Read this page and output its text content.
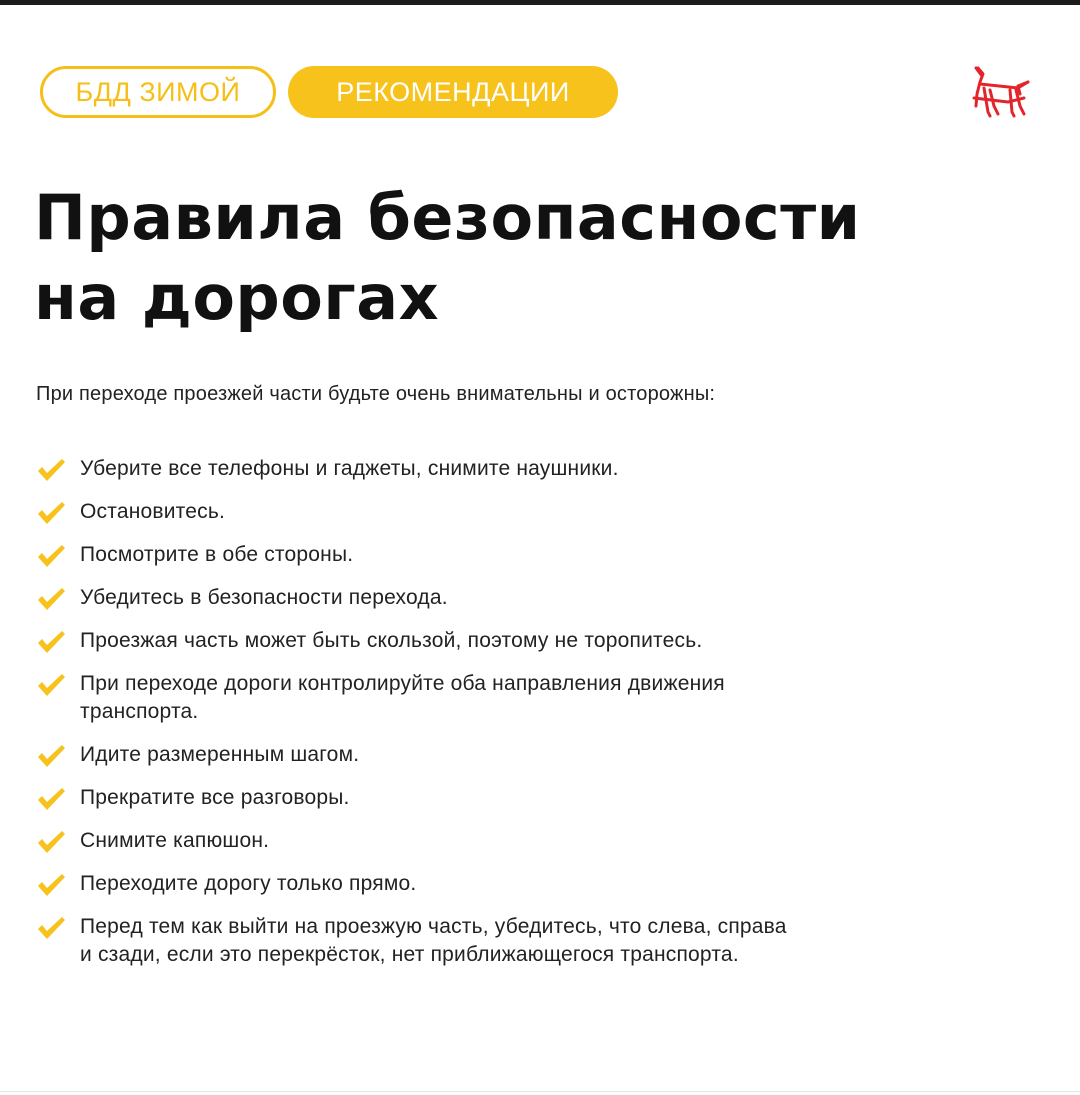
БДД ЗИМОЙ	РЕКОМЕНДАЦИИ
Правила безопасности
на дорогах
При переходе проезжей части будьте очень внимательны и осторожны:
Уберите все телефоны и гаджеты, снимите наушники.
Остановитесь.
Посмотрите в обе стороны.
Убедитесь в безопасности перехода.
Проезжая часть может быть скользой, поэтому не торопитесь.
При переходе дороги контролируйте оба направления движения
транспорта.
Идите размеренным шагом.
Прекратите все разговоры.
Снимите капюшон.
Переходите дорогу только прямо.
Перед тем как выйти на проезжую часть, убедитесь, что слева, справа
и сзади, если это перекрёсток, нет приближающегося транспорта.
